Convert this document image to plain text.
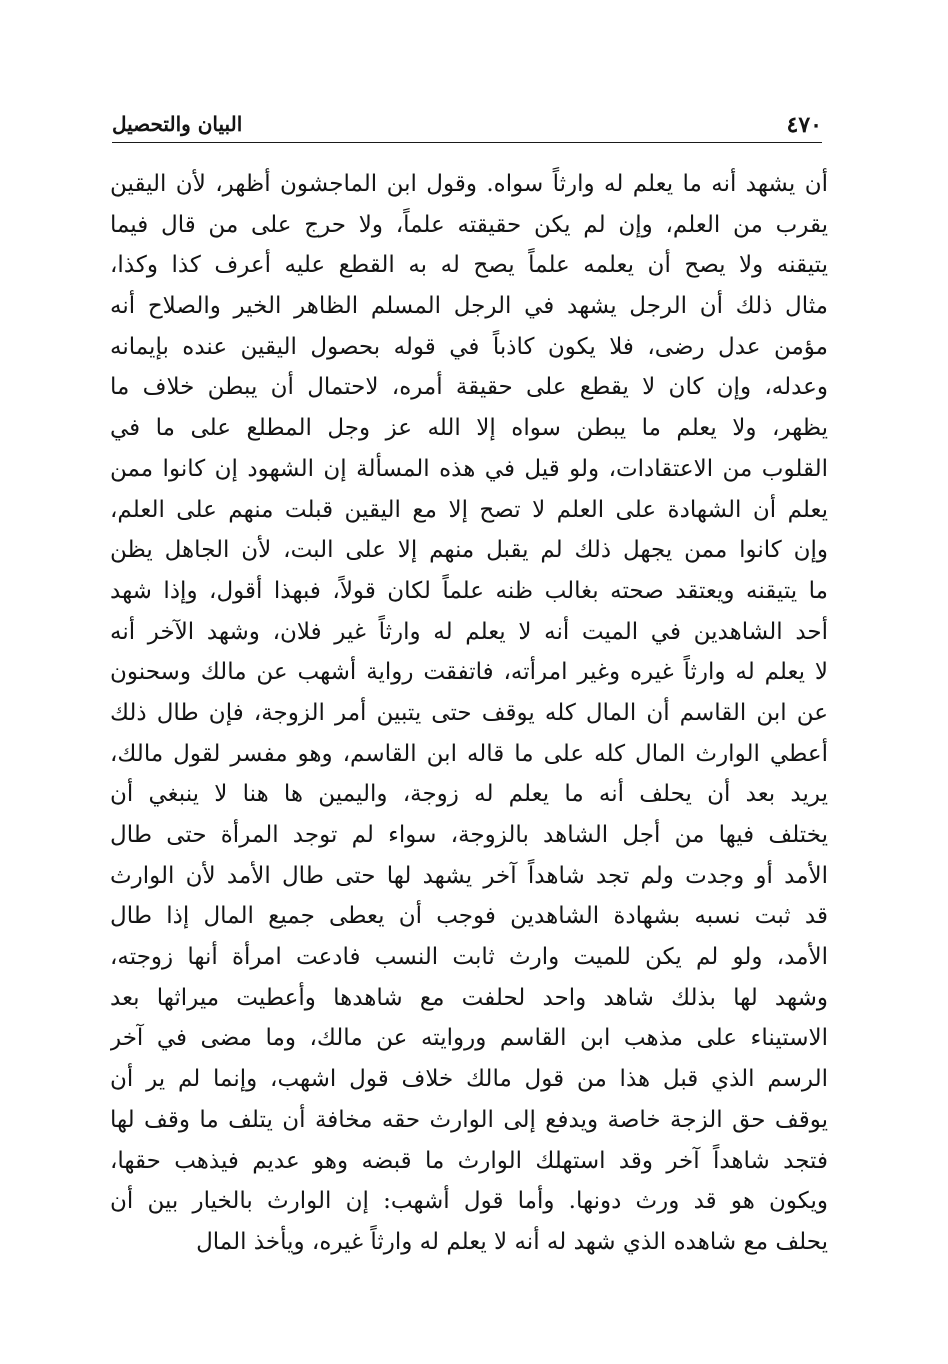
٤٧٠
البيان والتحصيل
أن يشهد أنه ما يعلم له وارثاً سواه. وقول ابن الماجشون أظهر، لأن اليقين
يقرب من العلم، وإن لم يكن حقيقته علماً، ولا حرج على من قال فيما
يتيقنه ولا يصح أن يعلمه علماً يصح له به القطع عليه أعرف كذا وكذا،
مثال ذلك أن الرجل يشهد في الرجل المسلم الظاهر الخير والصلاح أنه
مؤمن عدل رضى، فلا يكون كاذباً في قوله بحصول اليقين عنده بإيمانه
وعدله، وإن كان لا يقطع على حقيقة أمره، لاحتمال أن يبطن خلاف ما
يظهر، ولا يعلم ما يبطن سواه إلا الله عز وجل المطلع على ما في
القلوب من الاعتقادات، ولو قيل في هذه المسألة إن الشهود إن كانوا ممن
يعلم أن الشهادة على العلم لا تصح إلا مع اليقين قبلت منهم على العلم،
وإن كانوا ممن يجهل ذلك لم يقبل منهم إلا على البت، لأن الجاهل يظن
ما يتيقنه ويعتقد صحته بغالب ظنه علماً لكان قولاً، فبهذا أقول، وإذا شهد
أحد الشاهدين في الميت أنه لا يعلم له وارثاً غير فلان، وشهد الآخر أنه
لا يعلم له وارثاً غيره وغير امرأته، فاتفقت رواية أشهب عن مالك وسحنون
عن ابن القاسم أن المال كله يوقف حتى يتبين أمر الزوجة، فإن طال ذلك
أعطي الوارث المال كله على ما قاله ابن القاسم، وهو مفسر لقول مالك،
يريد بعد أن يحلف أنه ما يعلم له زوجة، واليمين ها هنا لا ينبغي أن
يختلف فيها من أجل الشاهد بالزوجة، سواء لم توجد المرأة حتى طال
الأمد أو وجدت ولم تجد شاهداً آخر يشهد لها حتى طال الأمد لأن الوارث
قد ثبت نسبه بشهادة الشاهدين فوجب أن يعطى جميع المال إذا طال
الأمد، ولو لم يكن للميت وارث ثابت النسب فادعت امرأة أنها زوجته،
وشهد لها بذلك شاهد واحد لحلفت مع شاهدها وأعطيت ميراثها بعد
الاستيناء على مذهب ابن القاسم وروايته عن مالك، وما مضى في آخر
الرسم الذي قبل هذا من قول مالك خلاف قول اشهب، وإنما لم ير أن
يوقف حق الزجة خاصة ويدفع إلى الوارث حقه مخافة أن يتلف ما وقف لها
فتجد شاهداً آخر وقد استهلك الوارث ما قبضه وهو عديم فيذهب حقها،
ويكون هو قد ورث دونها. وأما قول أشهب: إن الوارث بالخيار بين أن
يحلف مع شاهده الذي شهد له أنه لا يعلم له وارثاً غيره، ويأخذ المال
